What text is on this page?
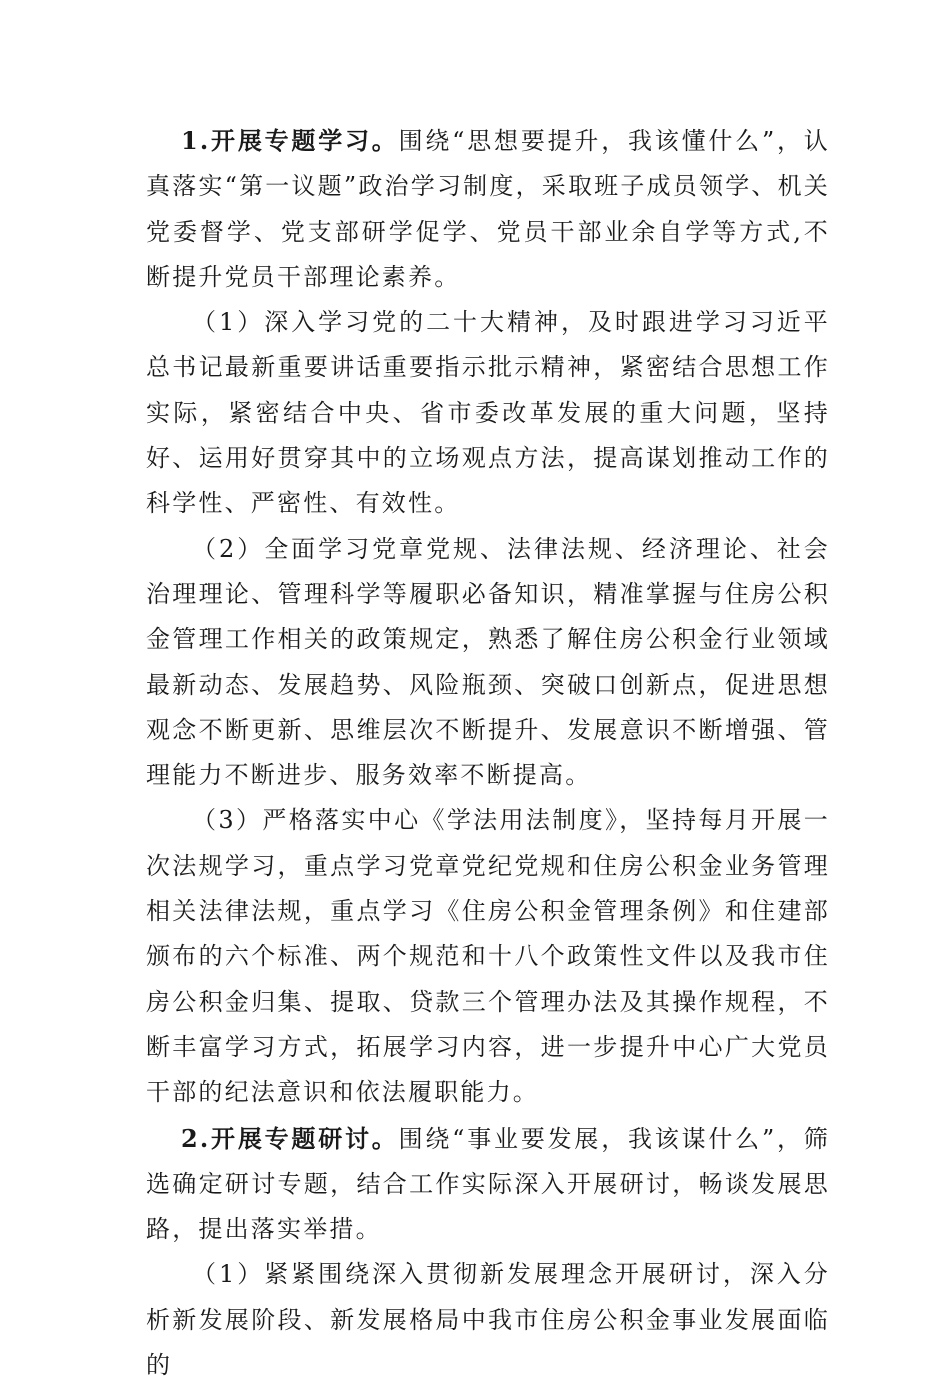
1.开展专题学习。围绕“思想要提升，我该懂什么”，认真落实“第一议题”政治学习制度，采取班子成员领学、机关党委督学、党支部研学促学、党员干部业余自学等方式,不断提升党员干部理论素养。

（1）深入学习党的二十大精神，及时跟进学习习近平总书记最新重要讲话重要指示批示精神，紧密结合思想工作实际，紧密结合中央、省市委改革发展的重大问题，坚持好、运用好贯穿其中的立场观点方法，提高谋划推动工作的科学性、严密性、有效性。

（2）全面学习党章党规、法律法规、经济理论、社会治理理论、管理科学等履职必备知识，精准掌握与住房公积金管理工作相关的政策规定，熟悉了解住房公积金行业领域最新动态、发展趋势、风险瓶颈、突破口创新点，促进思想观念不断更新、思维层次不断提升、发展意识不断增强、管理能力不断进步、服务效率不断提高。

（3）严格落实中心《学法用法制度》，坚持每月开展一次法规学习，重点学习党章党纪党规和住房公积金业务管理相关法律法规，重点学习《住房公积金管理条例》和住建部颁布的六个标准、两个规范和十八个政策性文件以及我市住房公积金归集、提取、贷款三个管理办法及其操作规程，不断丰富学习方式，拓展学习内容，进一步提升中心广大党员干部的纪法意识和依法履职能力。

2.开展专题研讨。围绕“事业要发展，我该谋什么”，筛选确定研讨专题，结合工作实际深入开展研讨，畅谈发展思路，提出落实举措。

（1）紧紧围绕深入贯彻新发展理念开展研讨，深入分析新发展阶段、新发展格局中我市住房公积金事业发展面临的
